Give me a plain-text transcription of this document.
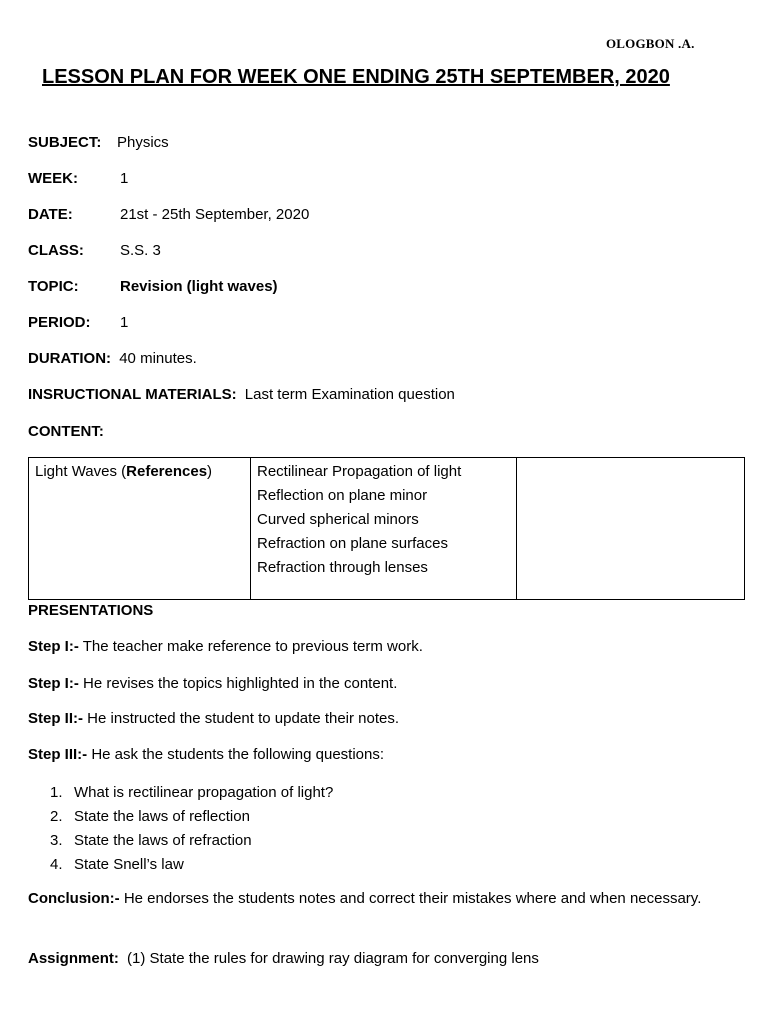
OLOGBON .A.
LESSON PLAN FOR WEEK ONE ENDING 25TH SEPTEMBER, 2020
SUBJECT: Physics
WEEK:	1
DATE:	21st - 25th September, 2020
CLASS: S.S. 3
TOPIC:	Revision (light waves)
PERIOD: 1
DURATION: 40 minutes.
INSRUCTIONAL MATERIALS: Last term Examination question
CONTENT:
Light Waves (References)	Rectilinear Propagation of light
Reflection on plane minor
Curved spherical minors
Refraction on plane surfaces
Refraction through lenses

PRESENTATIONS
Step I:- The teacher make reference to previous term work.
Step I:- He revises the topics highlighted in the content.
Step II:- He instructed the student to update their notes.
Step III:- He ask the students the following questions:
1. What is rectilinear propagation of light?
2. State the laws of reflection
3. State the laws of refraction
4. State Snell’s law
Conclusion:- He endorses the students notes and correct their mistakes where and when necessary.
Assignment: (1) State the rules for drawing ray diagram for converging lens
